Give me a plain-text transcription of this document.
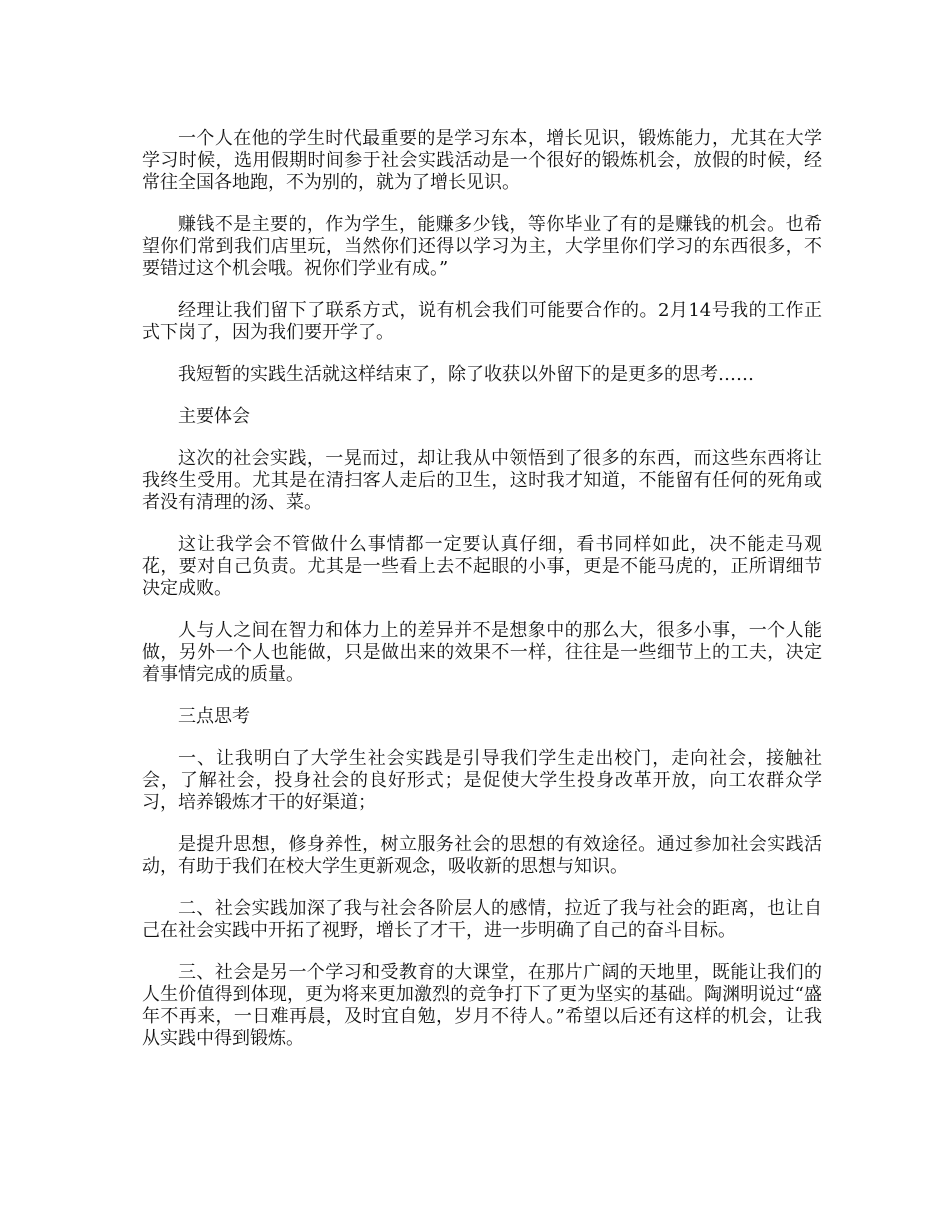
一个人在他的学生时代最重要的是学习东本，增长见识，锻炼能力，尤其在大学学习时候，选用假期时间参于社会实践活动是一个很好的锻炼机会，放假的时候，经常往全国各地跑，不为别的，就为了增长见识。

赚钱不是主要的，作为学生，能赚多少钱，等你毕业了有的是赚钱的机会。也希望你们常到我们店里玩，当然你们还得以学习为主，大学里你们学习的东西很多，不要错过这个机会哦。祝你们学业有成。”

经理让我们留下了联系方式，说有机会我们可能要合作的。2月14号我的工作正式下岗了，因为我们要开学了。

我短暂的实践生活就这样结束了，除了收获以外留下的是更多的思考……

主要体会

这次的社会实践，一晃而过，却让我从中领悟到了很多的东西，而这些东西将让我终生受用。尤其是在清扫客人走后的卫生，这时我才知道，不能留有任何的死角或者没有清理的汤、菜。

这让我学会不管做什么事情都一定要认真仔细，看书同样如此，决不能走马观花，要对自己负责。尤其是一些看上去不起眼的小事，更是不能马虎的，正所谓细节决定成败。

人与人之间在智力和体力上的差异并不是想象中的那么大，很多小事，一个人能做，另外一个人也能做，只是做出来的效果不一样，往往是一些细节上的工夫，决定着事情完成的质量。

三点思考

一、让我明白了大学生社会实践是引导我们学生走出校门，走向社会，接触社会，了解社会，投身社会的良好形式；是促使大学生投身改革开放，向工农群众学习，培养锻炼才干的好渠道；

是提升思想，修身养性，树立服务社会的思想的有效途径。通过参加社会实践活动，有助于我们在校大学生更新观念，吸收新的思想与知识。

二、社会实践加深了我与社会各阶层人的感情，拉近了我与社会的距离，也让自己在社会实践中开拓了视野，增长了才干，进一步明确了自己的奋斗目标。

三、社会是另一个学习和受教育的大课堂，在那片广阔的天地里，既能让我们的人生价值得到体现，更为将来更加激烈的竞争打下了更为坚实的基础。陶渊明说过“盛年不再来，一日难再晨，及时宜自勉，岁月不待人。”希望以后还有这样的机会，让我从实践中得到锻炼。
